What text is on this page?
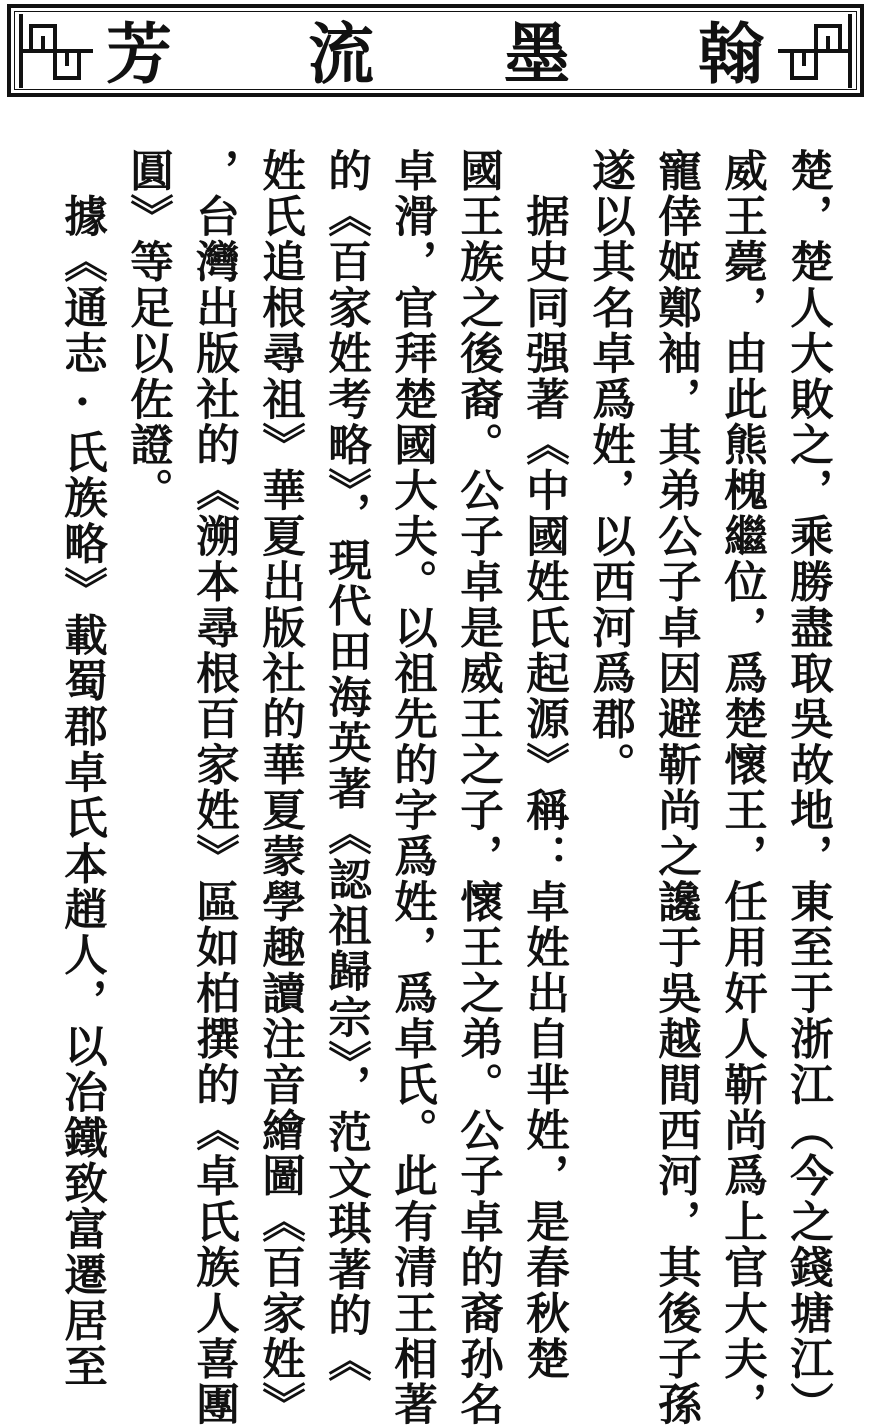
芳 流 墨 翰
楚，楚人大敗之，乘勝盡取吳故地，東至于浙江（今之錢塘江）
威王薨，由此熊槐繼位，爲楚懷王，任用奸人靳尚爲上官大夫，
寵倖姬鄭袖，其弟公子卓因避靳尚之讒于吳越間西河，其後子孫
遂以其名卓爲姓，以西河爲郡。
　据史同强著《中國姓氏起源》稱：卓姓出自芈姓，是春秋楚
國王族之後裔。公子卓是威王之子，懷王之弟。公子卓的裔孙名
卓滑，官拜楚國大夫。以祖先的字爲姓，爲卓氏。此有清王相著
的《百家姓考略》，現代田海英著《認祖歸宗》，范文琪著的《
姓氏追根尋祖》華夏出版社的華夏蒙學趣讀注音繪圖《百家姓》
，台灣出版社的《溯本尋根百家姓》區如柏撰的《卓氏族人喜團
圓》等足以佐證。
　據《通志·氏族略》載蜀郡卓氏本趙人，以冶鐵致富遷居至
